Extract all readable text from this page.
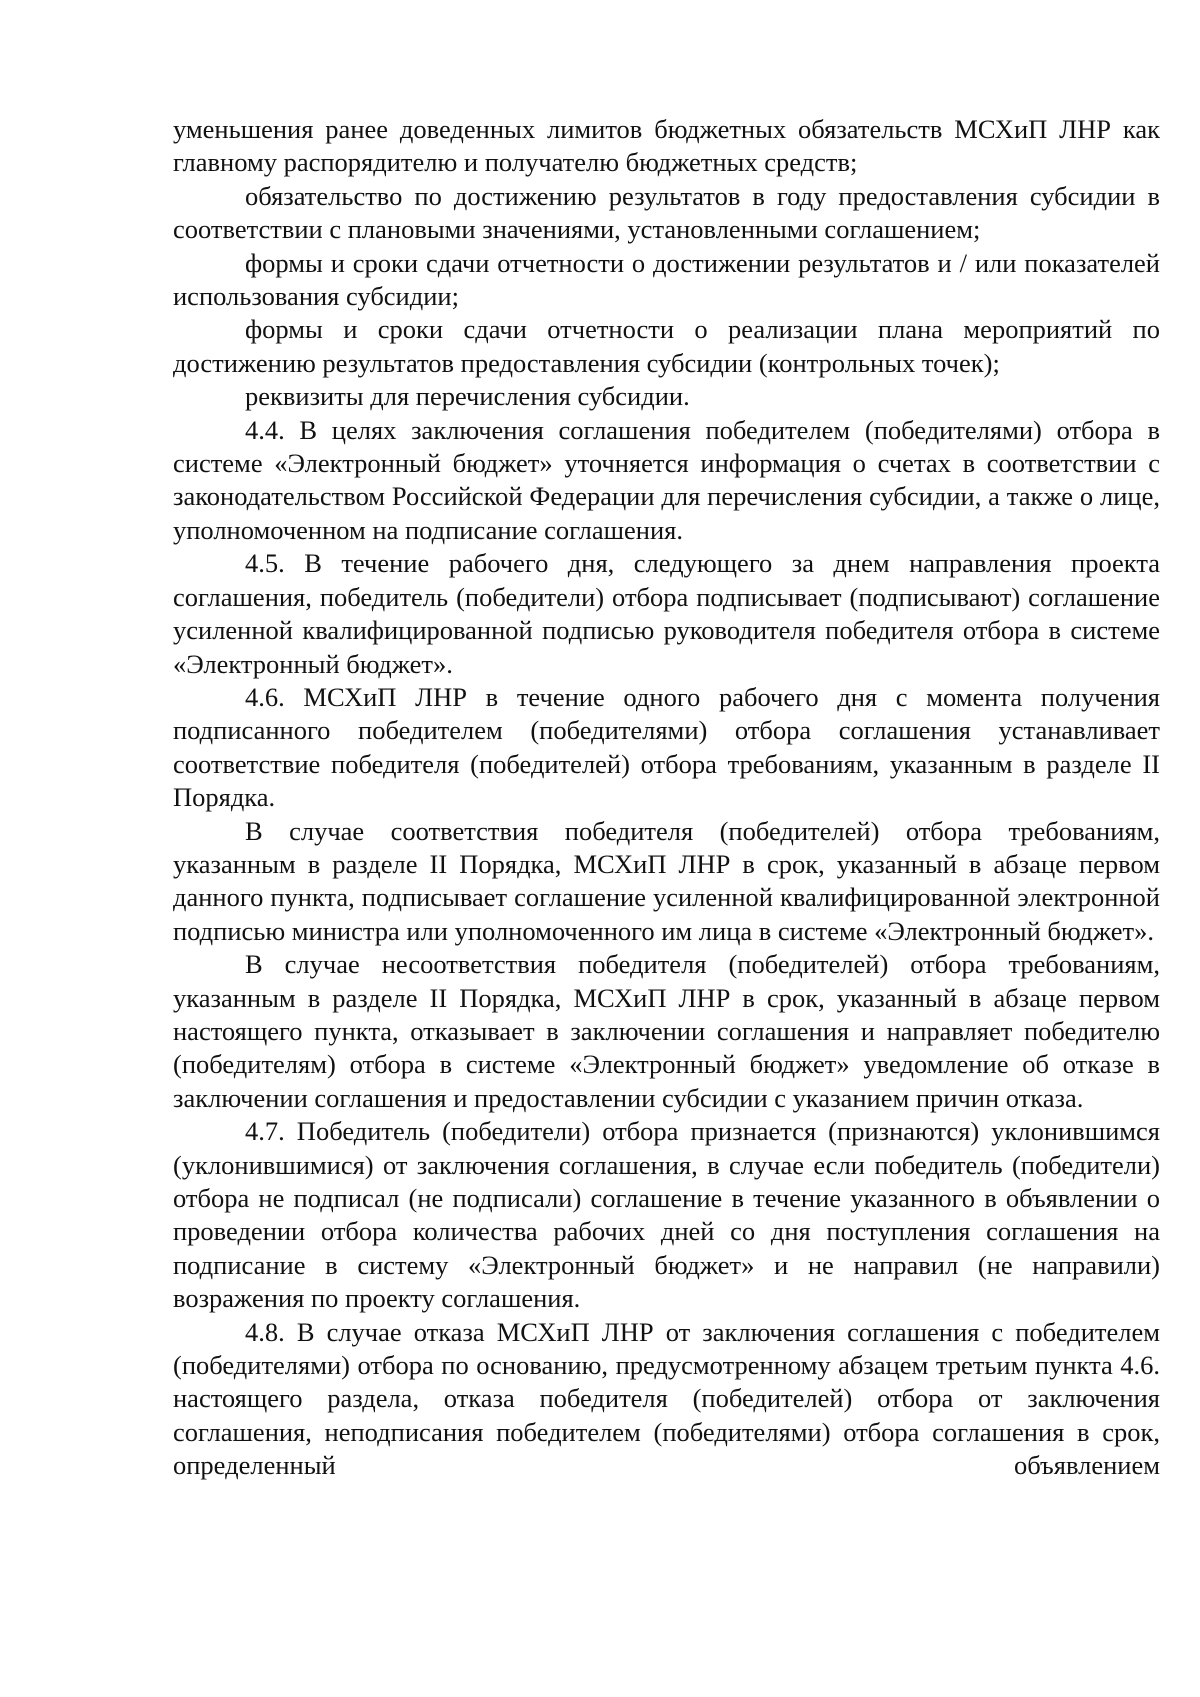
уменьшения ранее доведенных лимитов бюджетных обязательств МСХиП ЛНР как главному распорядителю и получателю бюджетных средств;

обязательство по достижению результатов в году предоставления субсидии в соответствии с плановыми значениями, установленными соглашением;

формы и сроки сдачи отчетности о достижении результатов и / или показателей использования субсидии;

формы и сроки сдачи отчетности о реализации плана мероприятий по достижению результатов предоставления субсидии (контрольных точек);

реквизиты для перечисления субсидии.

4.4. В целях заключения соглашения победителем (победителями) отбора в системе «Электронный бюджет» уточняется информация о счетах в соответствии с законодательством Российской Федерации для перечисления субсидии, а также о лице, уполномоченном на подписание соглашения.

4.5. В течение рабочего дня, следующего за днем направления проекта соглашения, победитель (победители) отбора подписывает (подписывают) соглашение усиленной квалифицированной подписью руководителя победителя отбора в системе «Электронный бюджет».

4.6. МСХиП ЛНР в течение одного рабочего дня с момента получения подписанного победителем (победителями) отбора соглашения устанавливает соответствие победителя (победителей) отбора требованиям, указанным в разделе II Порядка.

В случае соответствия победителя (победителей) отбора требованиям, указанным в разделе II Порядка, МСХиП ЛНР в срок, указанный в абзаце первом данного пункта, подписывает соглашение усиленной квалифицированной электронной подписью министра или уполномоченного им лица в системе «Электронный бюджет».

В случае несоответствия победителя (победителей) отбора требованиям, указанным в разделе II Порядка, МСХиП ЛНР в срок, указанный в абзаце первом настоящего пункта, отказывает в заключении соглашения и направляет победителю (победителям) отбора в системе «Электронный бюджет» уведомление об отказе в заключении соглашения и предоставлении субсидии с указанием причин отказа.

4.7. Победитель (победители) отбора признается (признаются) уклонившимся (уклонившимися) от заключения соглашения, в случае если победитель (победители) отбора не подписал (не подписали) соглашение в течение указанного в объявлении о проведении отбора количества рабочих дней со дня поступления соглашения на подписание в систему «Электронный бюджет» и не направил (не направили) возражения по проекту соглашения.

4.8. В случае отказа МСХиП ЛНР от заключения соглашения с победителем (победителями) отбора по основанию, предусмотренному абзацем третьим пункта 4.6. настоящего раздела, отказа победителя (победителей) отбора от заключения соглашения, неподписания победителем (победителями) отбора соглашения в срок, определенный объявлением
